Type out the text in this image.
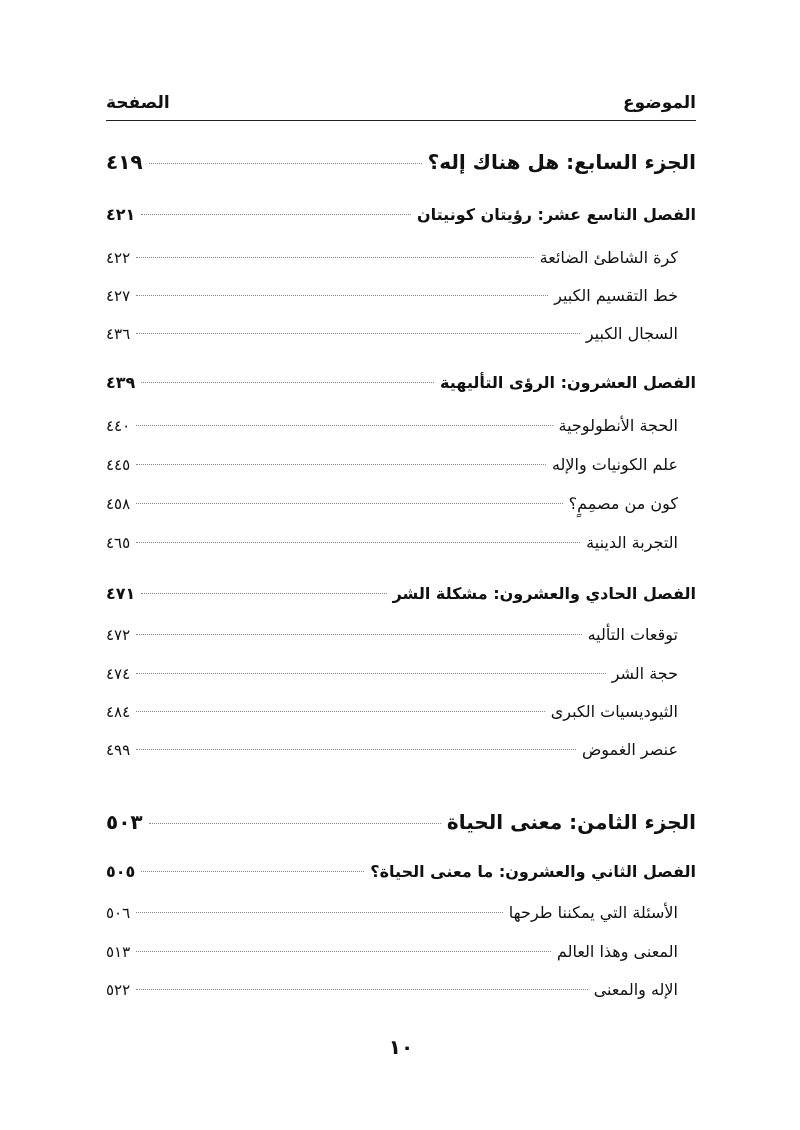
الموضوع
الصفحة
الجزء السابع: هل هناك إله؟
٤١٩
الفصل التاسع عشر: رؤيتان كونيتان
٤٢١
كرة الشاطئ الضائعة
٤٢٢
خط التقسيم الكبير
٤٢٧
السجال الكبير
٤٣٦
الفصل العشرون: الرؤى التأليهية
٤٣٩
الحجة الأنطولوجية
٤٤٠
علم الكونيات والإله
٤٤٥
كون من مصمِمٍ؟
٤٥٨
التجربة الدينية
٤٦٥
الفصل الحادي والعشرون: مشكلة الشر
٤٧١
توقعات التأليه
٤٧٢
حجة الشر
٤٧٤
الثيوديسيات الكبرى
٤٨٤
عنصر الغموض
٤٩٩
الجزء الثامن: معنى الحياة
٥٠٣
الفصل الثاني والعشرون: ما معنى الحياة؟
٥٠٥
الأسئلة التي يمكننا طرحها
٥٠٦
المعنى وهذا العالم
٥١٣
الإله والمعنى
٥٢٢
١٠
